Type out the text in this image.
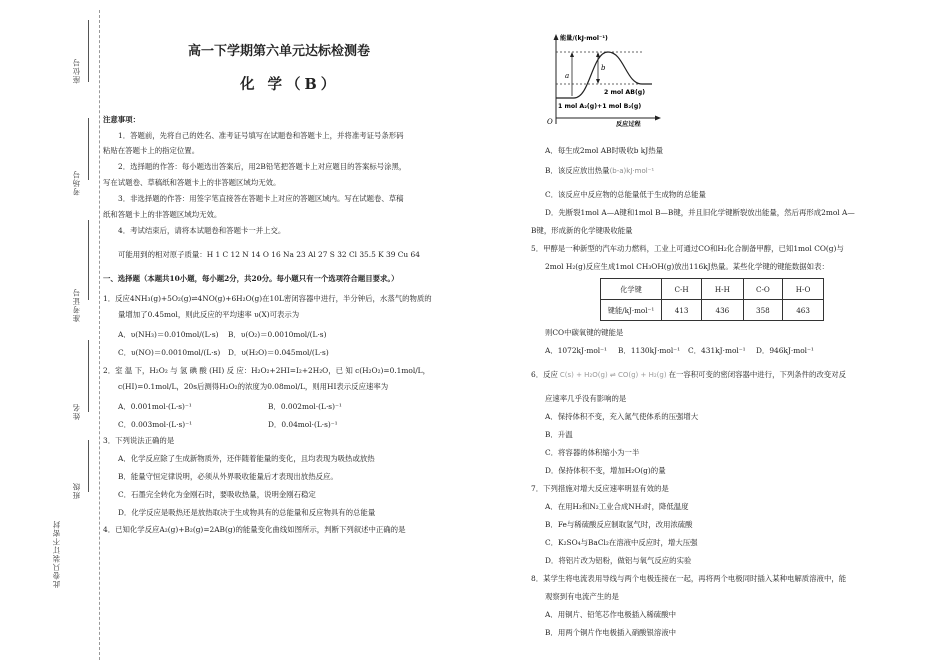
座位号
考场号
准考证号
姓名
班级
此卷只装订不密封
高一下学期第六单元达标检测卷
化 学（B）
注意事项：
1．答题前，先将自己的姓名、准考证号填写在试题卷和答题卡上，并将准考证号条形码
粘贴在答题卡上的指定位置。
2．选择题的作答：每小题选出答案后，用2B铅笔把答题卡上对应题目的答案标号涂黑，
写在试题卷、草稿纸和答题卡上的非答题区域均无效。
3．非选择题的作答：用签字笔直接答在答题卡上对应的答题区域内。写在试题卷、草稿
纸和答题卡上的非答题区域均无效。
4．考试结束后，请将本试题卷和答题卡一并上交。
可能用到的相对原子质量：H 1 C 12 N 14 O 16 Na 23 Al 27 S 32 Cl 35.5 K 39 Cu 64
一、选择题（本题共10小题，每小题2分，共20分。每小题只有一个选项符合题目要求。）
1．反应4NH₃(g)+5O₂(g)⇌4NO(g)+6H₂O(g)在10L密闭容器中进行，半分钟后，水蒸气的物质的
量增加了0.45mol，则此反应的平均速率 υ(X)可表示为
A．υ(NH₃)＝0.010mol/(L·s) B．υ(O₂)＝0.0010mol/(L·s)
C．υ(NO)＝0.0010mol/(L·s) D．υ(H₂O)＝0.045mol/(L·s)
2．室 温 下，H₂O₂ 与 氢 碘 酸 (HI) 反 应：H₂O₂+2HI=I₂+2H₂O，已 知 c(H₂O₂)=0.1mol/L，
c(HI)=0.1mol/L，20s后测得H₂O₂的浓度为0.08mol/L，则用HI表示反应速率为
A．0.001mol·(L·s)⁻¹	B．0.002mol·(L·s)⁻¹
C．0.003mol·(L·s)⁻¹	D．0.04mol·(L·s)⁻¹
3．下列说法正确的是
A．化学反应除了生成新物质外，还伴随着能量的变化，且均表现为吸热或放热
B．能量守恒定律说明，必须从外界吸收能量后才表现出放热反应。
C．石墨完全转化为金刚石时，要吸收热量，说明金刚石稳定
D．化学反应是吸热还是放热取决于生成物具有的总能量和反应物具有的总能量
4．已知化学反应A₂(g)+B₂(g)=2AB(g)的能量变化曲线如图所示，判断下列叙述中正确的是
a
b
能量/(kJ·mol⁻¹)
2 mol AB(g)
1 mol A₂(g)+1 mol B₂(g)
O	反应过程
A．每生成2mol AB时吸收b kJ热量
B．该反应放出热量(b-a)kJ·mol⁻¹
C．该反应中反应物的总能量低于生成物的总能量
D．先断裂1mol A—A键和1mol B—B键，并且旧化学键断裂放出能量，然后再形成2mol A—
B键，形成新的化学键吸收能量
5．甲醇是一种新型的汽车动力燃料，工业上可通过CO和H₂化合制备甲醇，已知1mol CO(g)与
2mol H₂(g)反应生成1mol CH₃OH(g)放出116kJ热量。某些化学键的键能数据如表：
化学键	C-H	H-H	C-O	H-O
键能/kJ·mol⁻¹	413	436	358	463
则CO中碳氧键的键能是
A．1072kJ·mol⁻¹ B．1130kJ·mol⁻¹ C．431kJ·mol⁻¹ D．946kJ·mol⁻¹
6．反应 C(s) + H₂O(g) ⇌ CO(g) + H₂(g) 在一容积可变的密闭容器中进行，下列条件的改变对反
应速率几乎没有影响的是
A．保持体积不变，充入氮气使体系的压强增大
B．升温
C．将容器的体积缩小为一半
D．保持体积不变，增加H₂O(g)的量
7．下列措施对增大反应速率明显有效的是
A．在用H₂和N₂工业合成NH₃时，降低温度
B．Fe与稀硫酸反应制取氢气时，改用浓硫酸
C．K₂SO₄与BaCl₂在溶液中反应时，增大压强
D．将铝片改为铝粉，做铝与氧气反应的实验
8．某学生将电流表用导线与两个电极连接在一起，再将两个电极同时插入某种电解质溶液中，能
观察到有电流产生的是
A．用铜片、铅笔芯作电极插入稀硫酸中
B．用两个铜片作电极插入硝酸银溶液中
